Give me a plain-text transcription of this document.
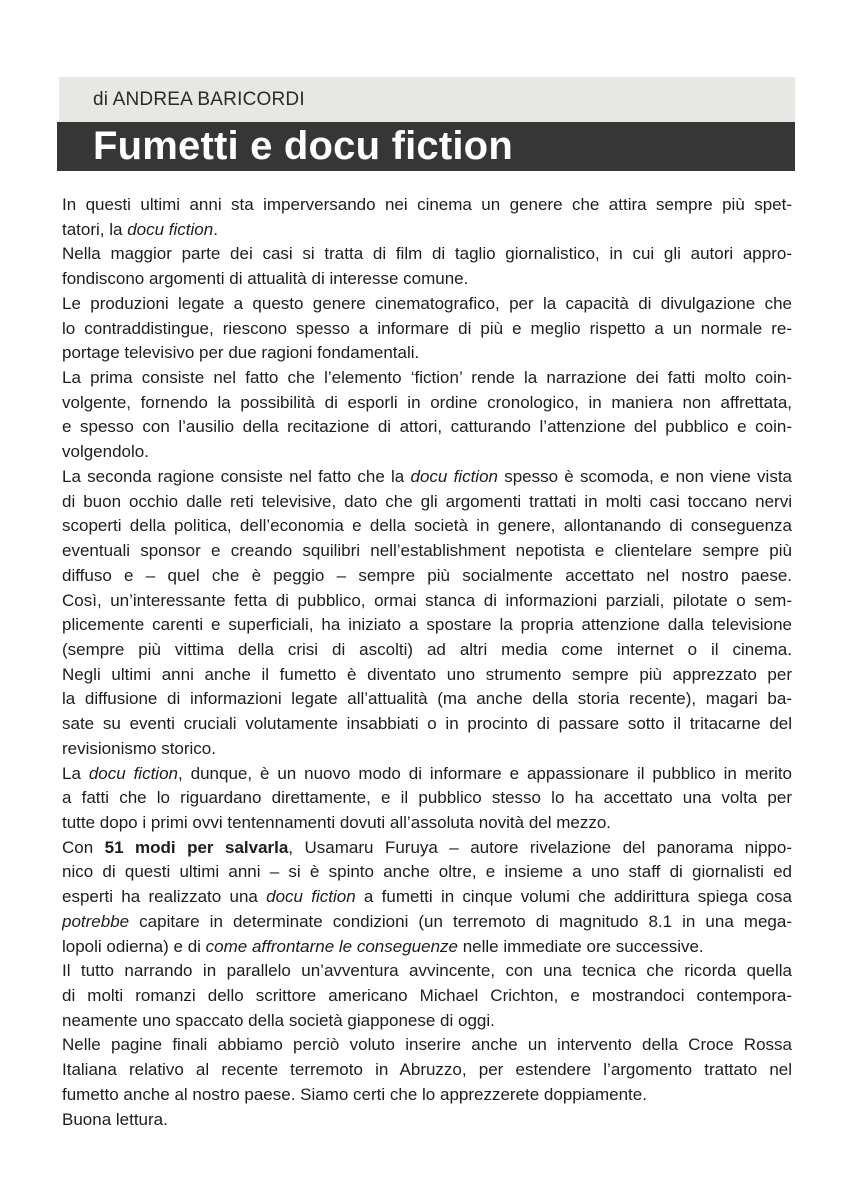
di ANDREA BARICORDI
Fumetti e docu fiction
In questi ultimi anni sta imperversando nei cinema un genere che attira sempre più spet-
tatori, la docu fiction.
Nella maggior parte dei casi si tratta di film di taglio giornalistico, in cui gli autori appro-
fondiscono argomenti di attualità di interesse comune.
Le produzioni legate a questo genere cinematografico, per la capacità di divulgazione che
lo contraddistingue, riescono spesso a informare di più e meglio rispetto a un normale re-
portage televisivo per due ragioni fondamentali.
La prima consiste nel fatto che l’elemento ‘fiction’ rende la narrazione dei fatti molto coin-
volgente, fornendo la possibilità di esporli in ordine cronologico, in maniera non affrettata,
e spesso con l’ausilio della recitazione di attori, catturando l’attenzione del pubblico e coin-
volgendolo.
La seconda ragione consiste nel fatto che la docu fiction spesso è scomoda, e non viene vista
di buon occhio dalle reti televisive, dato che gli argomenti trattati in molti casi toccano nervi
scoperti della politica, dell’economia e della società in genere, allontanando di conseguenza
eventuali sponsor e creando squilibri nell’establishment nepotista e clientelare sempre più
diffuso e – quel che è peggio – sempre più socialmente accettato nel nostro paese.
Così, un’interessante fetta di pubblico, ormai stanca di informazioni parziali, pilotate o sem-
plicemente carenti e superficiali, ha iniziato a spostare la propria attenzione dalla televisione
(sempre più vittima della crisi di ascolti) ad altri media come internet o il cinema.
Negli ultimi anni anche il fumetto è diventato uno strumento sempre più apprezzato per
la diffusione di informazioni legate all’attualità (ma anche della storia recente), magari ba-
sate su eventi cruciali volutamente insabbiati o in procinto di passare sotto il tritacarne del
revisionismo storico.
La docu fiction, dunque, è un nuovo modo di informare e appassionare il pubblico in merito
a fatti che lo riguardano direttamente, e il pubblico stesso lo ha accettato una volta per
tutte dopo i primi ovvi tentennamenti dovuti all’assoluta novità del mezzo.
Con 51 modi per salvarla, Usamaru Furuya – autore rivelazione del panorama nippo-
nico di questi ultimi anni – si è spinto anche oltre, e insieme a uno staff di giornalisti ed
esperti ha realizzato una docu fiction a fumetti in cinque volumi che addirittura spiega cosa
potrebbe capitare in determinate condizioni (un terremoto di magnitudo 8.1 in una mega-
lopoli odierna) e di come affrontarne le conseguenze nelle immediate ore successive.
Il tutto narrando in parallelo un’avventura avvincente, con una tecnica che ricorda quella
di molti romanzi dello scrittore americano Michael Crichton, e mostrandoci contempora-
neamente uno spaccato della società giapponese di oggi.
Nelle pagine finali abbiamo perciò voluto inserire anche un intervento della Croce Rossa
Italiana relativo al recente terremoto in Abruzzo, per estendere l’argomento trattato nel
fumetto anche al nostro paese. Siamo certi che lo apprezzerete doppiamente.
Buona lettura.
